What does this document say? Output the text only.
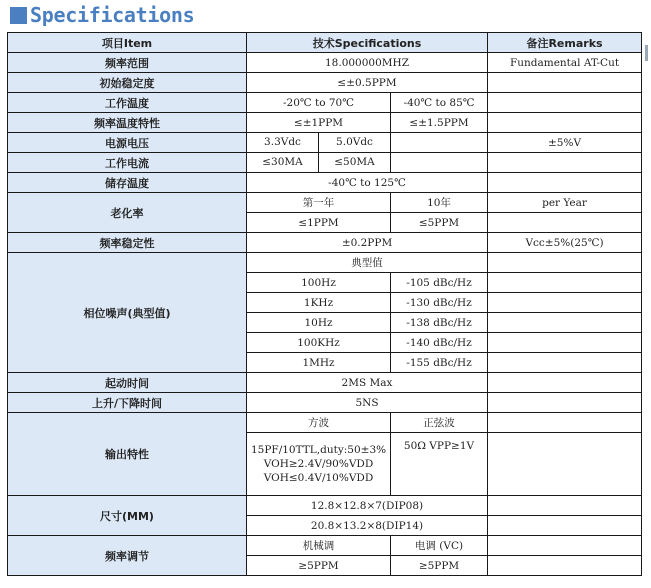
Specifications
项目Item	技术Specifications		备注Remarks
频率范围	18.000000MHZ		Fundamental AT-Cut
初始稳定度	≤±0.5PPM		
工作温度	-20℃ to 70℃	-40℃ to 85℃	
频率温度特性	≤±1PPM	≤±1.5PPM	
电源电压	3.3Vdc 5.0Vdc		±5%V
工作电流	≤30MA ≤50MA		

储存温度	-40℃ to 125℃		
老化率	第一年	10年	per Year
	≤1PPM	≤5PPM	
频率稳定性	±0.2PPM		Vcc±5%(25℃)
相位噪声(典型值)	典型值		
	100Hz	-105 dBc/Hz	
	1KHz	-130 dBc/Hz	
	10Hz	-138 dBc/Hz	
	100KHz	-140 dBc/Hz	
	1MHz	-155 dBc/Hz	
起动时间	2MS Max		
上升/下降时间	5NS		
输出特性	方波	正弦波	
	15PF/10TTL,duty:50±3% VOH≥2.4V/90%VDD VOH≤0.4V/10%VDD	50Ω VPP≥1V	
尺寸(MM)	12.8×12.8×7(DIP08)		
	20.8×13.2×8(DIP14)		
频率调节	机械调	电调 (VC)	
	≥5PPM	≥5PPM	
